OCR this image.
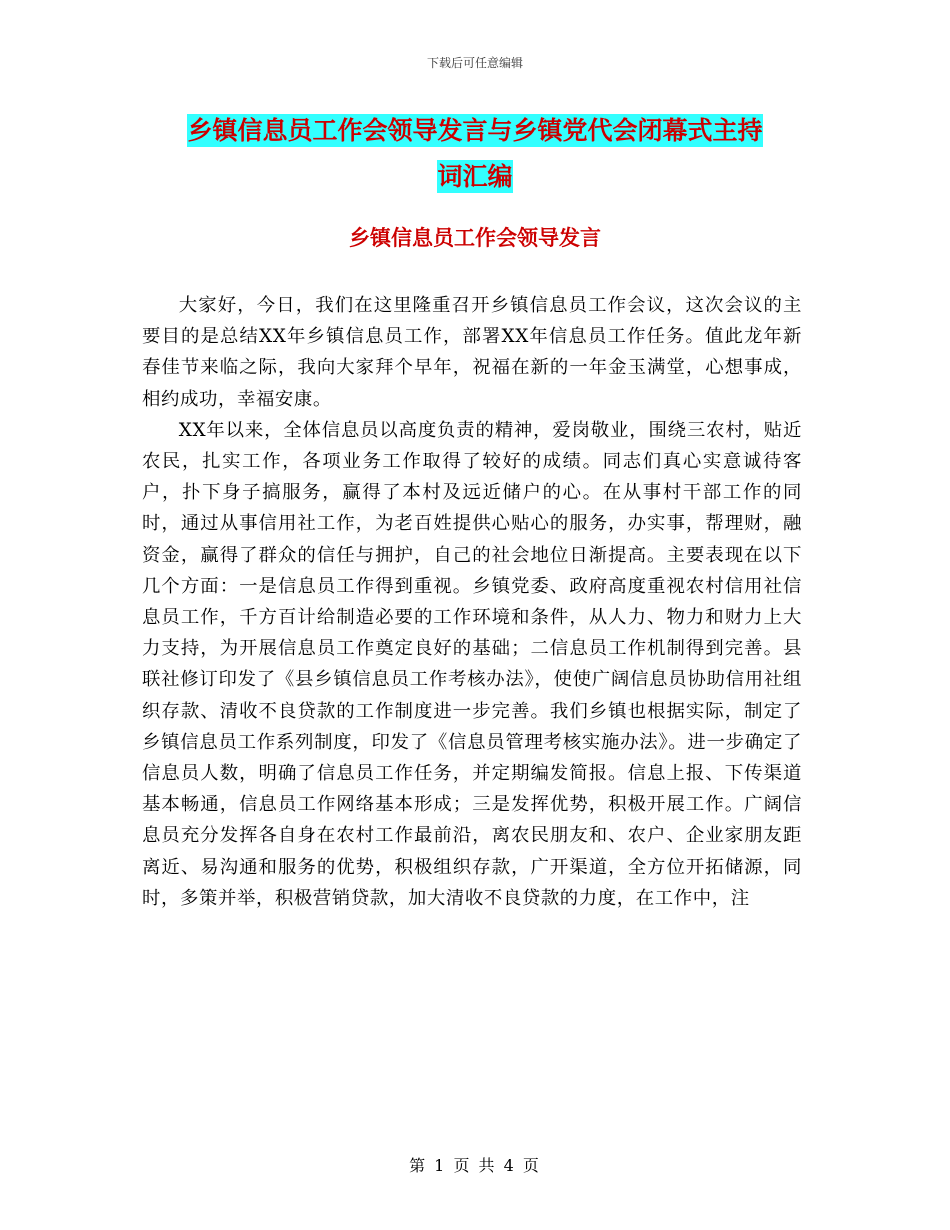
下载后可任意编辑
乡镇信息员工作会领导发言与乡镇党代会闭幕式主持
词汇编
乡镇信息员工作会领导发言

大家好，今日，我们在这里隆重召开乡镇信息员工作会议，这次会议的主要目的是总结XX年乡镇信息员工作，部署XX年信息员工作任务。值此龙年新春佳节来临之际，我向大家拜个早年，祝福在新的一年金玉满堂，心想事成，相约成功，幸福安康。

XX年以来，全体信息员以高度负责的精神，爱岗敬业，围绕三农村，贴近农民，扎实工作，各项业务工作取得了较好的成绩。同志们真心实意诚待客户，扑下身子搞服务，赢得了本村及远近储户的心。在从事村干部工作的同时，通过从事信用社工作，为老百姓提供心贴心的服务，办实事，帮理财，融资金，赢得了群众的信任与拥护，自己的社会地位日渐提高。主要表现在以下几个方面：一是信息员工作得到重视。乡镇党委、政府高度重视农村信用社信息员工作，千方百计给制造必要的工作环境和条件，从人力、物力和财力上大力支持，为开展信息员工作奠定良好的基础；二信息员工作机制得到完善。县联社修订印发了《县乡镇信息员工作考核办法》，使使广阔信息员协助信用社组织存款、清收不良贷款的工作制度进一步完善。我们乡镇也根据实际，制定了乡镇信息员工作系列制度，印发了《信息员管理考核实施办法》。进一步确定了信息员人数，明确了信息员工作任务，并定期编发简报。信息上报、下传渠道基本畅通，信息员工作网络基本形成；三是发挥优势，积极开展工作。广阔信息员充分发挥各自身在农村工作最前沿，离农民朋友和、农户、企业家朋友距离近、易沟通和服务的优势，积极组织存款，广开渠道，全方位开拓储源，同时，多策并举，积极营销贷款，加大清收不良贷款的力度，在工作中，注

第 1 页 共 4 页
